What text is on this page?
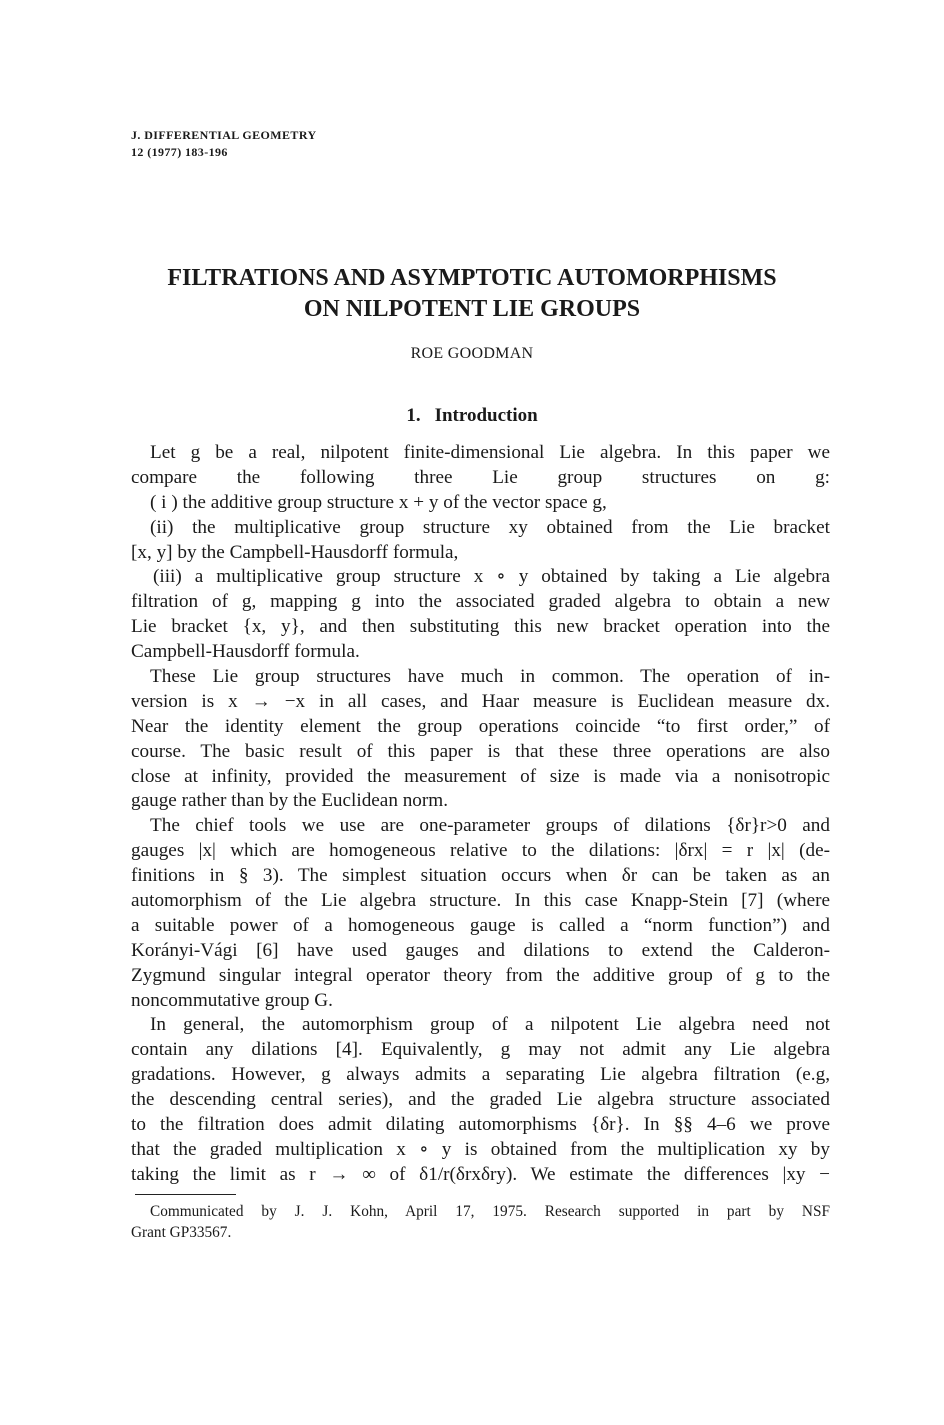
J. DIFFERENTIAL GEOMETRY
12 (1977) 183-196
FILTRATIONS AND ASYMPTOTIC AUTOMORPHISMS
ON NILPOTENT LIE GROUPS
ROE GOODMAN
1. Introduction
Let g be a real, nilpotent finite-dimensional Lie algebra. In this paper we
compare the following three Lie group structures on g:
( i ) the additive group structure x + y of the vector space g,
(ii) the multiplicative group structure xy obtained from the Lie bracket
[x, y] by the Campbell-Hausdorff formula,
(iii) a multiplicative group structure x ∘ y obtained by taking a Lie algebra
filtration of g, mapping g into the associated graded algebra to obtain a new
Lie bracket {x, y}, and then substituting this new bracket operation into the
Campbell-Hausdorff formula.
These Lie group structures have much in common. The operation of in-
version is x → −x in all cases, and Haar measure is Euclidean measure dx.
Near the identity element the group operations coincide “to first order,” of
course. The basic result of this paper is that these three operations are also
close at infinity, provided the measurement of size is made via a nonisotropic
gauge rather than by the Euclidean norm.
The chief tools we use are one-parameter groups of dilations {δr}r>0 and
gauges |x| which are homogeneous relative to the dilations: |δrx| = r |x| (de-
finitions in § 3). The simplest situation occurs when δr can be taken as an
automorphism of the Lie algebra structure. In this case Knapp-Stein [7] (where
a suitable power of a homogeneous gauge is called a “norm function”) and
Korányi-Vági [6] have used gauges and dilations to extend the Calderon-
Zygmund singular integral operator theory from the additive group of g to the
noncommutative group G.
In general, the automorphism group of a nilpotent Lie algebra need not
contain any dilations [4]. Equivalently, g may not admit any Lie algebra
gradations. However, g always admits a separating Lie algebra filtration (e.g,
the descending central series), and the graded Lie algebra structure associated
to the filtration does admit dilating automorphisms {δr}. In §§ 4–6 we prove
that the graded multiplication x ∘ y is obtained from the multiplication xy by
taking the limit as r → ∞ of δ1/r(δrxδry). We estimate the differences |xy −
Communicated by J. J. Kohn, April 17, 1975. Research supported in part by NSF
Grant GP33567.
